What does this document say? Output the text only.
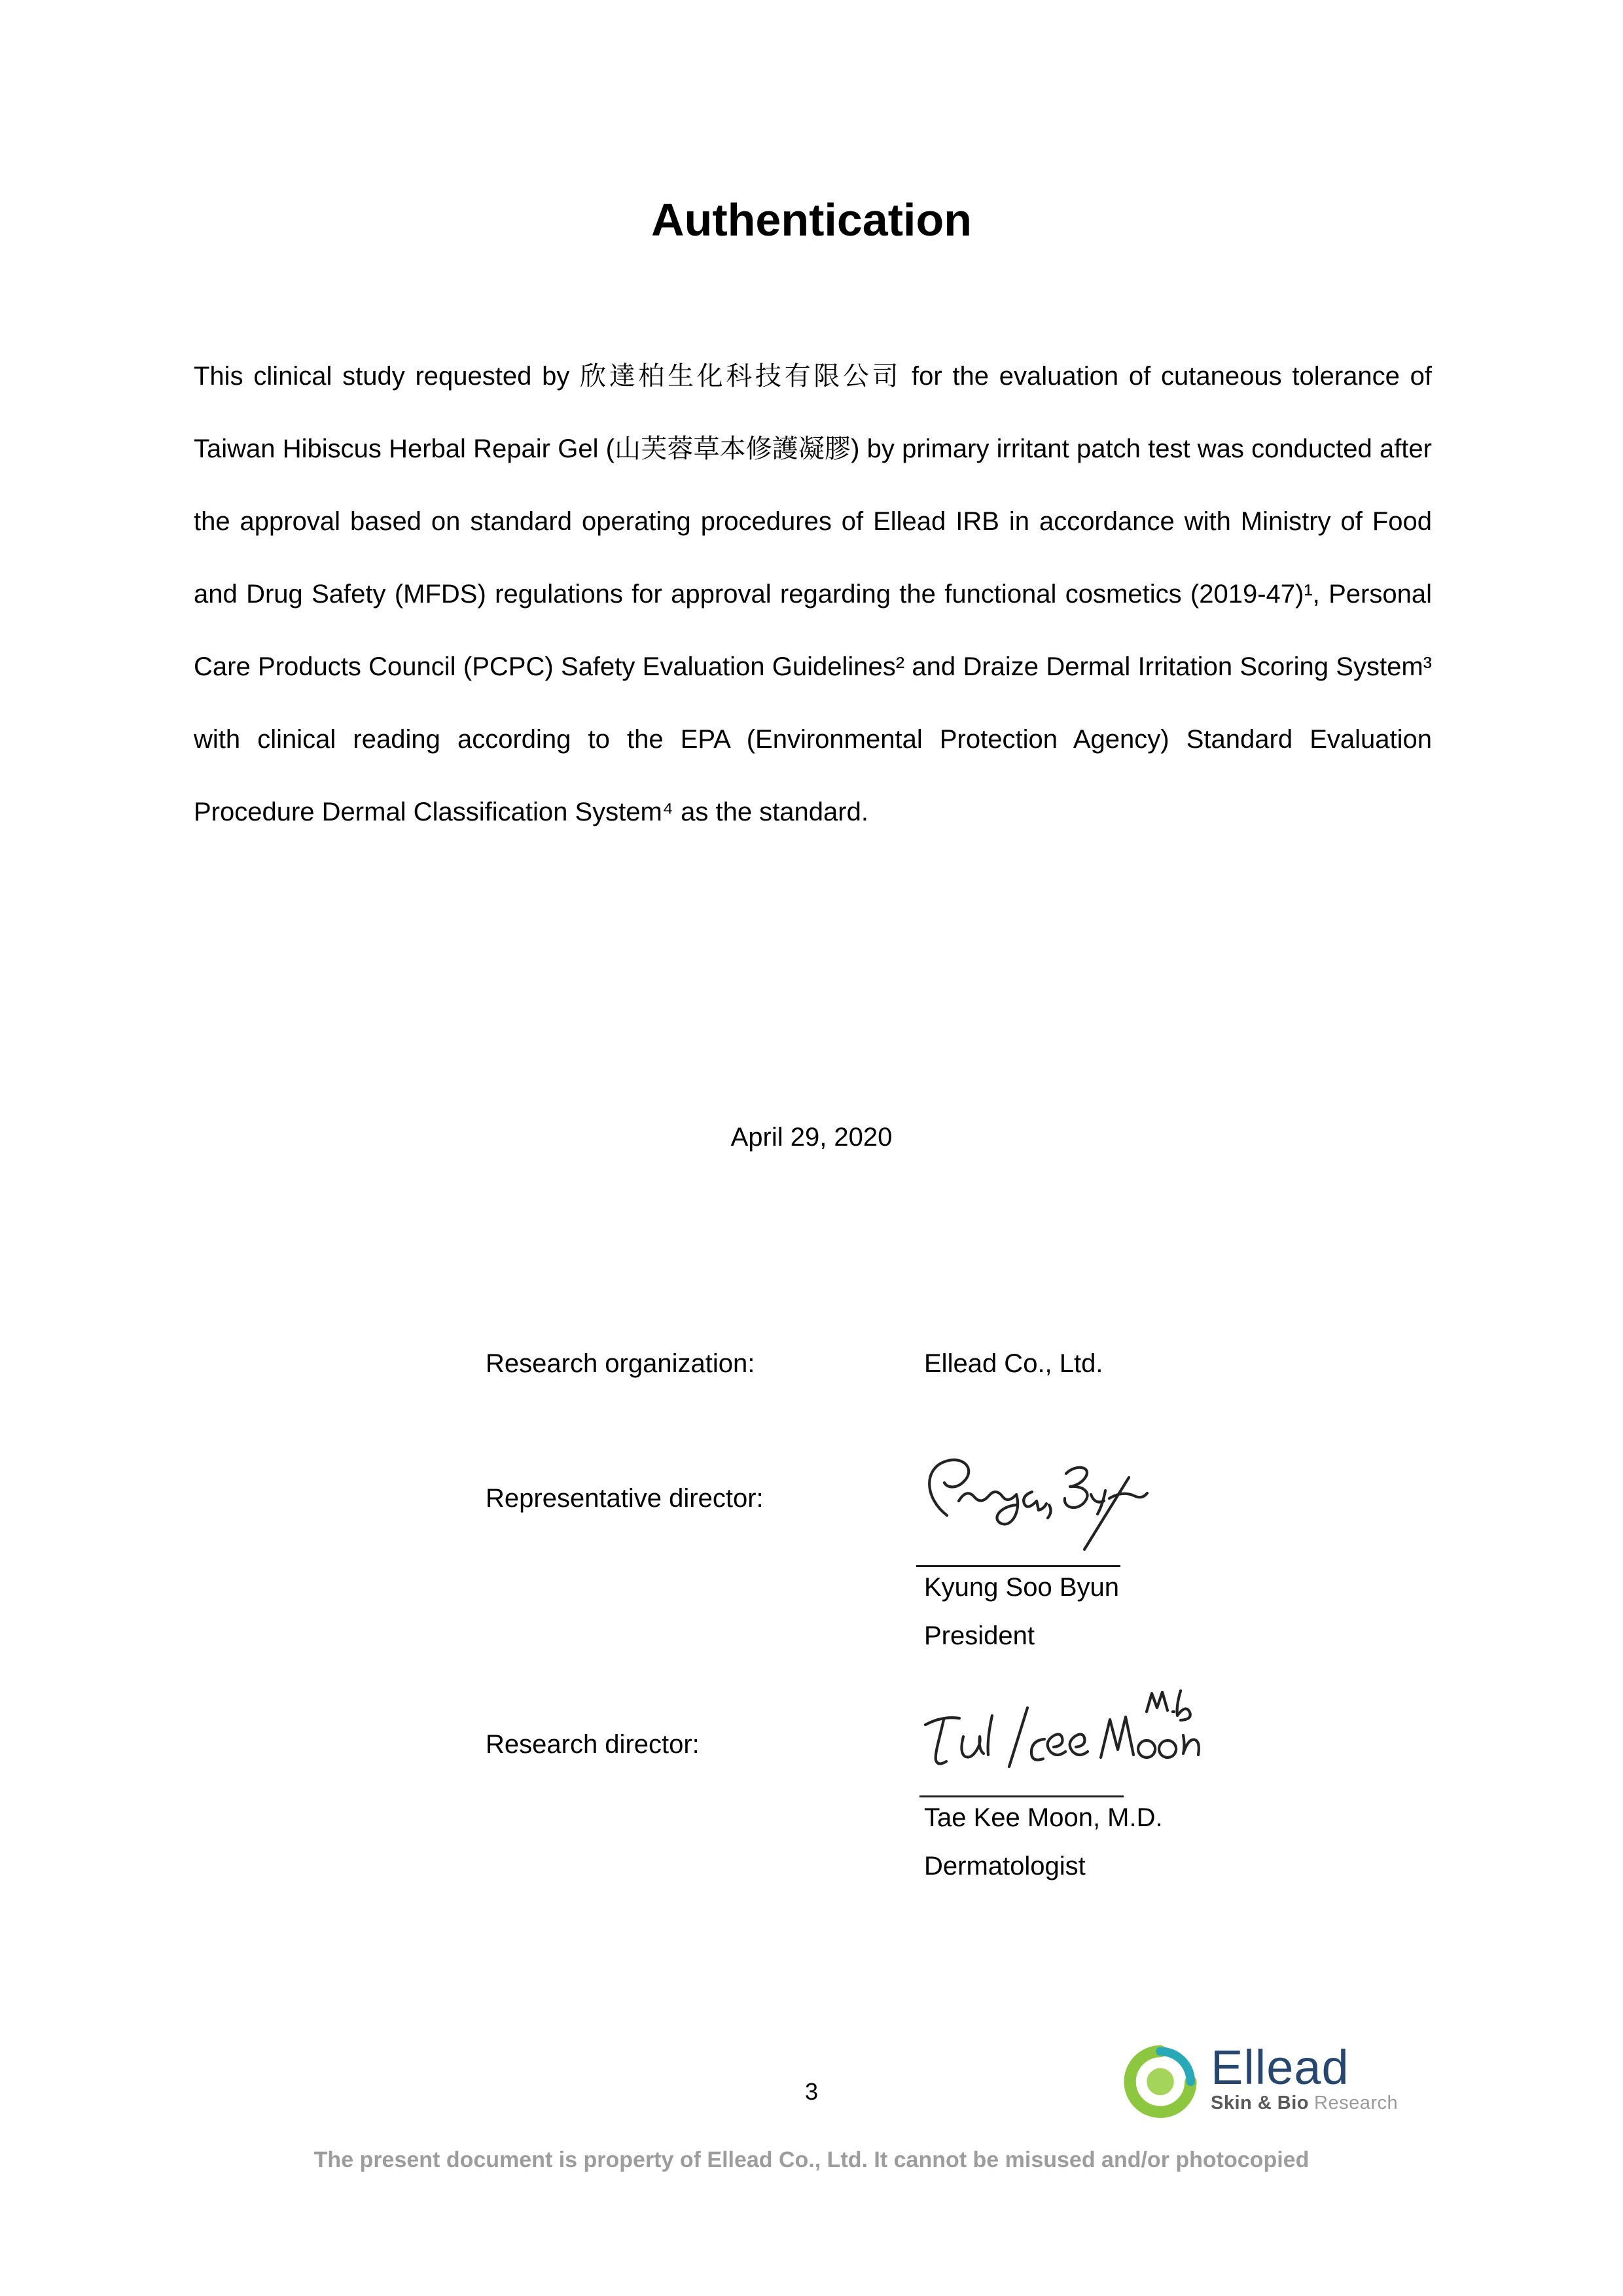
Authentication

This clinical study requested by 欣達柏生化科技有限公司 for the evaluation of cutaneous tolerance of Taiwan Hibiscus Herbal Repair Gel (山芙蓉草本修護凝膠) by primary irritant patch test was conducted after the approval based on standard operating procedures of Ellead IRB in accordance with Ministry of Food and Drug Safety (MFDS) regulations for approval regarding the functional cosmetics (2019-47)¹, Personal Care Products Council (PCPC) Safety Evaluation Guidelines² and Draize Dermal Irritation Scoring System³ with clinical reading according to the EPA (Environmental Protection Agency) Standard Evaluation Procedure Dermal Classification System⁴ as the standard.

April 29, 2020
Research organization:	Ellead Co., Ltd.
Representative director:
Kyung Soo Byun
President
Research director:
Tae Kee Moon, M.D.
Dermatologist
3	Ellead
Skin & Bio Research
The present document is property of Ellead Co., Ltd. It cannot be misused and/or photocopied
